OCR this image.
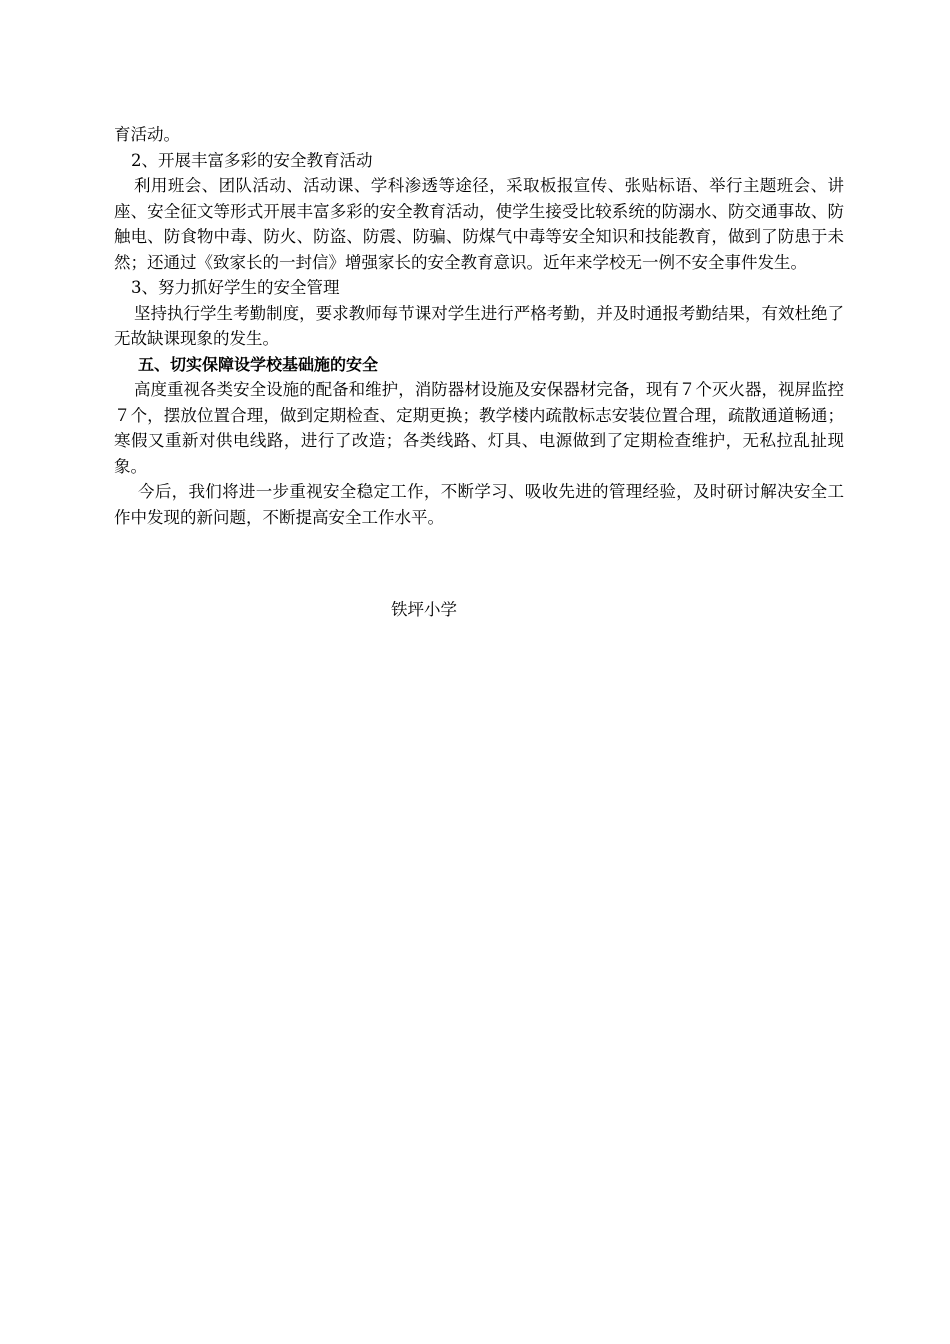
育活动。

2、开展丰富多彩的安全教育活动

利用班会、团队活动、活动课、学科渗透等途径，采取板报宣传、张贴标语、举行主题班会、讲座、安全征文等形式开展丰富多彩的安全教育活动，使学生接受比较系统的防溺水、防交通事故、防触电、防食物中毒、防火、防盗、防震、防骗、防煤气中毒等安全知识和技能教育，做到了防患于未然；还通过《致家长的一封信》增强家长的安全教育意识。近年来学校无一例不安全事件发生。

3、努力抓好学生的安全管理

坚持执行学生考勤制度，要求教师每节课对学生进行严格考勤，并及时通报考勤结果，有效杜绝了无故缺课现象的发生。

五、切实保障设学校基础施的安全

高度重视各类安全设施的配备和维护，消防器材设施及安保器材完备，现有７个灭火器，视屏监控７个，摆放位置合理，做到定期检查、定期更换；教学楼内疏散标志安装位置合理，疏散通道畅通；寒假又重新对供电线路，进行了改造；各类线路、灯具、电源做到了定期检查维护，无私拉乱扯现象。

今后，我们将进一步重视安全稳定工作，不断学习、吸收先进的管理经验，及时研讨解决安全工作中发现的新问题，不断提高安全工作水平。

铁坪小学
